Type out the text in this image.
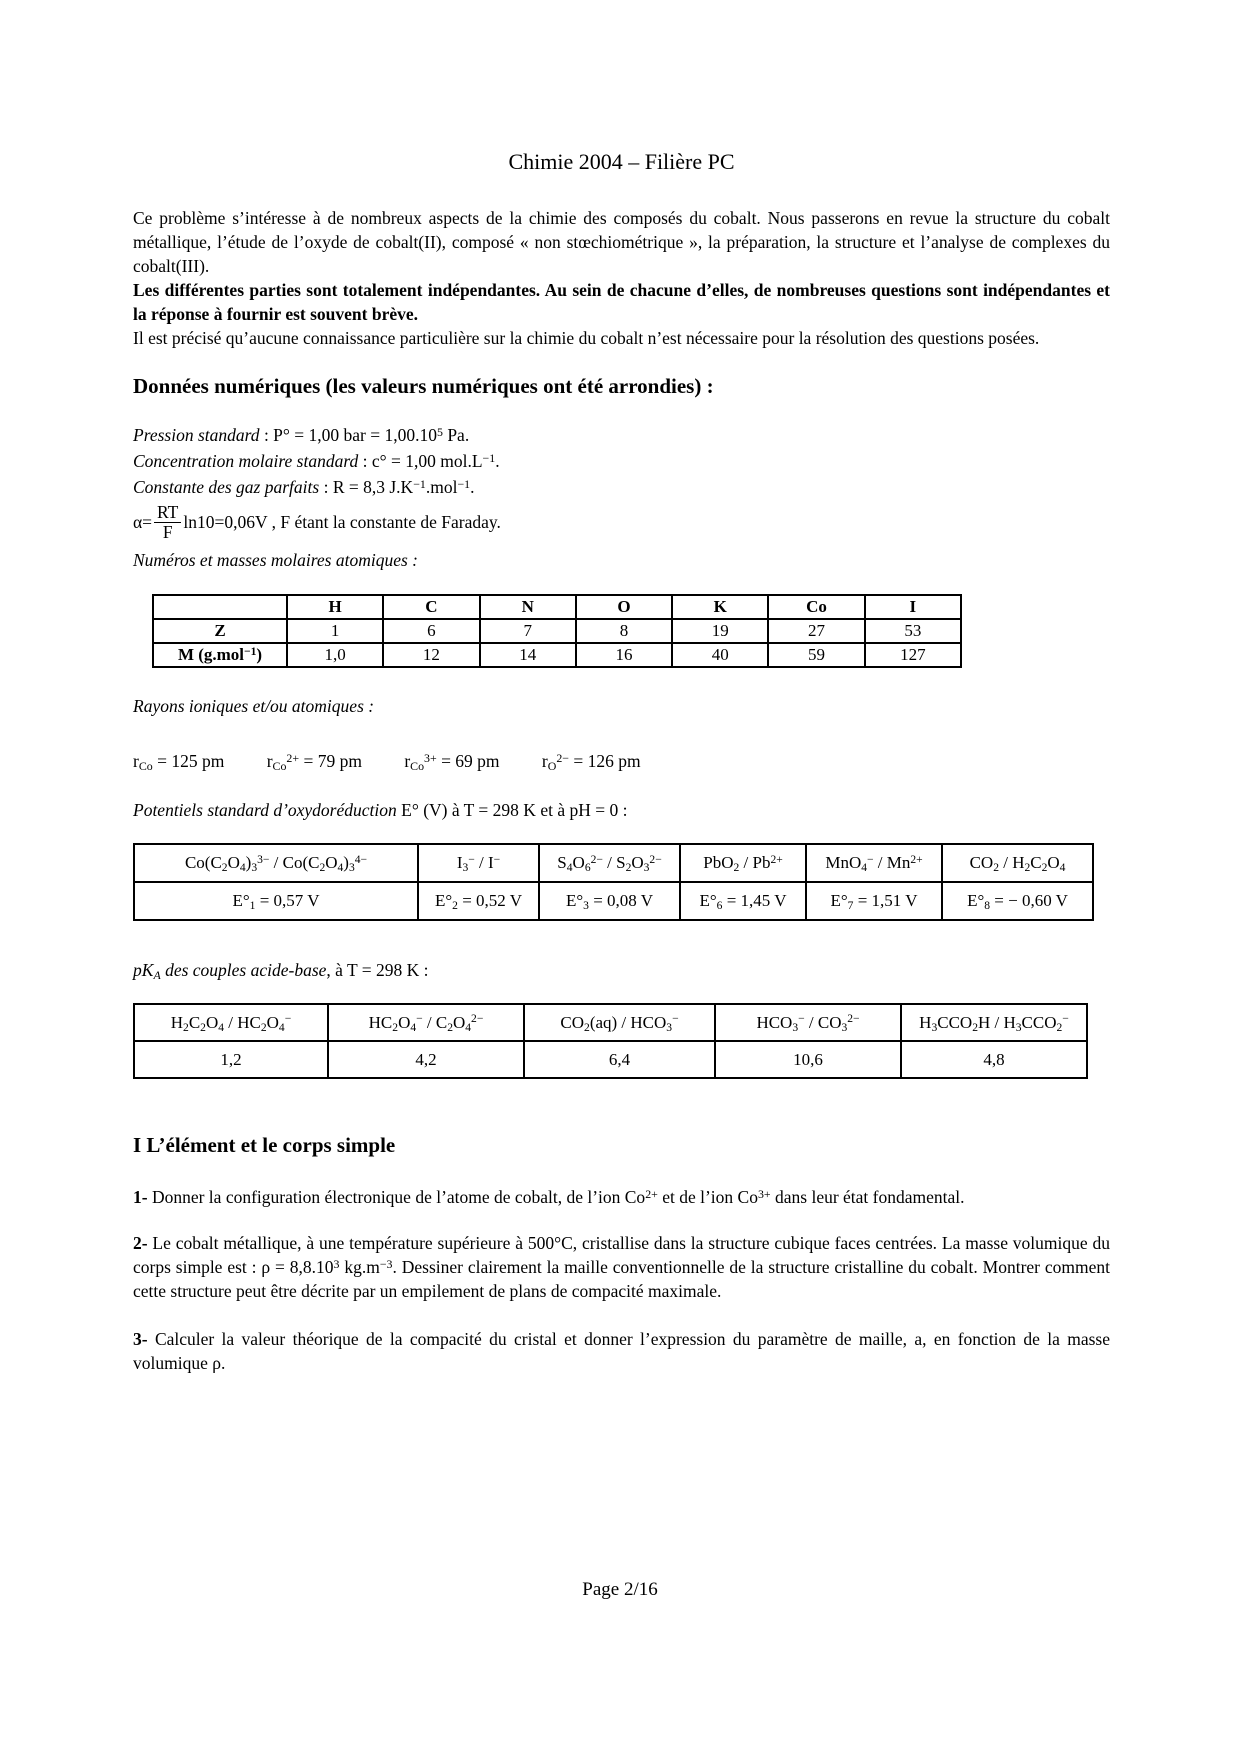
Chimie 2004 – Filière PC

Ce problème s’intéresse à de nombreux aspects de la chimie des composés du cobalt. Nous passerons en revue la structure du cobalt métallique, l’étude de l’oxyde de cobalt(II), composé « non stœchiométrique », la préparation, la structure et l’analyse de complexes du cobalt(III).

Les différentes parties sont totalement indépendantes. Au sein de chacune d’elles, de nombreuses questions sont indépendantes et la réponse à fournir est souvent brève.

Il est précisé qu’aucune connaissance particulière sur la chimie du cobalt n’est nécessaire pour la résolution des questions posées.

Données numériques (les valeurs numériques ont été arrondies) :

Pression standard : P° = 1,00 bar = $1,00.10^5$ Pa.

Concentration molaire standard : c° = 1,00 $mol.L^{-1}$.

Constante des gaz parfaits : R = 8,3 $J.K^{-1}.mol^{-1}$.

$\alpha= \frac{RT}{F} \ln 10=0,06V$ , F étant la constante de Faraday.

Numéros et masses molaires atomiques :

	H	C	N	O	K	Co	I
Z	1	6	7	8	19	27	53
M (g.mol$^{-1}$)	1,0	12	14	16	40	59	127

Rayons ioniques et/ou atomiques :

$r_{Co} = 125$ pm $r_{Co}^{2+} = 79$ pm $r_{Co}^{3+} = 69$ pm $r_O^{2-} = 126$ pm

Potentiels standard d’oxydoréduction E° (V) à T = 298 K et à pH = 0 :

$Co(C_2O_4)_3^{3-} / Co(C_2O_4)_3^{4-}$	$I_3^- / I^-$	$S_4O_6^{2-} / S_2O_3^{2-}$	$PbO_2 / Pb^{2+}$	$MnO_4^- / Mn^{2+}$	$CO_2 / H_2C_2O_4$
$E^\circ_1 = 0,57$ V	$E^\circ_2 = 0,52$ V	$E^\circ_3 = 0,08$ V	$E^\circ_6 = 1,45$ V	$E^\circ_7 = 1,51$ V	$E^\circ_8$ = − 0,60 V

$pK_A$ des couples acide-base, à T = 298 K :

$H_2C_2O_4 / HC_2O_4^-$	$HC_2O_4^- / C_2O_4^{2-}$	$CO_2(aq) / HCO_3^-$	$HCO_3^- / CO_3^{2-}$	$H_3CCO_2H / H_3CCO_2^-$
1,2	4,2	6,4	10,6	4,8
I L’élément et le corps simple

1- Donner la configuration électronique de l’atome de cobalt, de l’ion $Co^{2+}$ et de l’ion $Co^{3+}$ dans leur état fondamental.

2- Le cobalt métallique, à une température supérieure à 500°C, cristallise dans la structure cubique faces centrées. La masse volumique du corps simple est : $\rho = 8,8.10^3$ $kg.m^{-3}$. Dessiner clairement la maille conventionnelle de la structure cristalline du cobalt. Montrer comment cette structure peut être décrite par un empilement de plans de compacité maximale.

3- Calculer la valeur théorique de la compacité du cristal et donner l’expression du paramètre de maille, a, en fonction de la masse volumique ρ.

Page 2/16
